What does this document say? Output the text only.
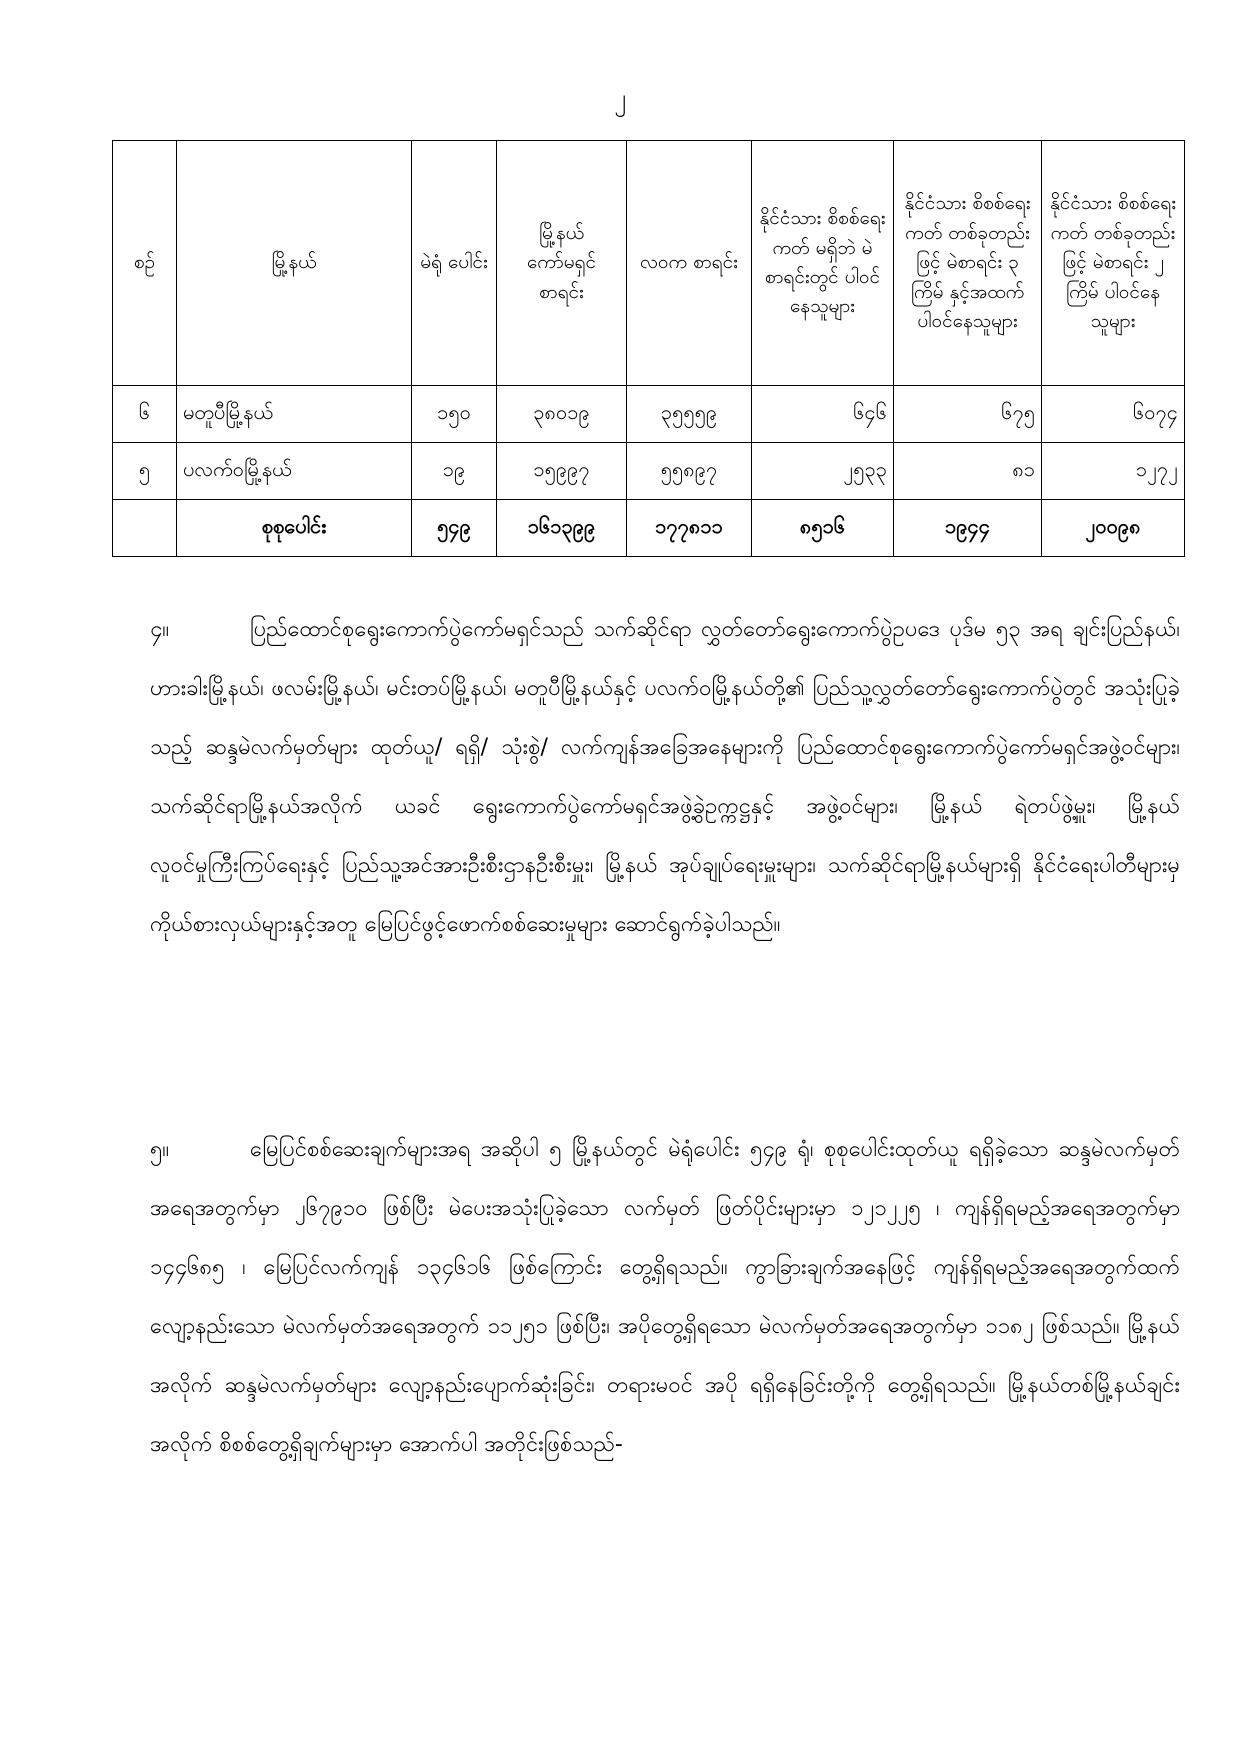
၂
စဉ်	မြို့နယ်	မဲရုံ ပေါင်း	မြို့နယ် ကော်မရှင် စာရင်း	လဝက စာရင်း	နိုင်ငံသား စိစစ်ရေးကတ် မရှိဘဲ မဲစာရင်းတွင် ပါဝင်နေသူများ	နိုင်ငံသား စိစစ်ရေးကတ် တစ်ခုတည်းဖြင့် မဲစာရင်း ၃ ကြိမ် နှင့်အထက် ပါဝင်နေသူများ	နိုင်ငံသား စိစစ်ရေးကတ် တစ်ခုတည်းဖြင့် မဲစာရင်း ၂ ကြိမ် ပါဝင်နေသူများ
၆	မတူပီမြို့နယ်	၁၅၀	၃၈၀၁၉	၃၅၅၅၉	၆၄၆	၆၇၅	၆၀၇၄
၅	ပလက်ဝမြို့နယ်	၁၉	၁၅၉၉၇	၅၅၈၉၇	၂၅၃၃	၈၁	၁၂၇၂
	စုစုပေါင်း	၅၄၉	၁၆၁၃၉၉	၁၇၇၈၁၁	၈၅၁၆	၁၉၄၄	၂၀၀၉၈

၄။	ပြည်ထောင်စုရွေးကောက်ပွဲကော်မရှင်သည် သက်ဆိုင်ရာ လွှတ်တော်ရွေးကောက်ပွဲဥပဒေ ပုဒ်မ ၅၃ အရ ချင်းပြည်နယ်၊ ဟားခါးမြို့နယ်၊ ဖလမ်းမြို့နယ်၊ မင်းတပ်မြို့နယ်၊ မတူပီမြို့နယ်နှင့် ပလက်ဝမြို့နယ်တို့၏ ပြည်သူ့လွှတ်တော်ရွေးကောက်ပွဲတွင် အသုံးပြုခဲ့သည့် ဆန္ဒမဲလက်မှတ်များ ထုတ်ယူ/ ရရှိ/ သုံးစွဲ/ လက်ကျန်အခြေအနေများကို ပြည်ထောင်စုရွေးကောက်ပွဲကော်မရှင်အဖွဲ့ဝင်များ၊ သက်ဆိုင်ရာမြို့နယ်အလိုက် ယခင် ရွေးကောက်ပွဲကော်မရှင်အဖွဲ့ခွဲဥက္ကဋ္ဌနှင့် အဖွဲ့ဝင်များ၊ မြို့နယ် ရဲတပ်ဖွဲ့မှူး၊ မြို့နယ်လူဝင်မှုကြီးကြပ်ရေးနှင့် ပြည်သူ့အင်အားဦးစီးဌာနဦးစီးမှူး၊ မြို့နယ် အုပ်ချုပ်ရေးမှူးများ၊ သက်ဆိုင်ရာမြို့နယ်များရှိ နိုင်ငံရေးပါတီများမှ ကိုယ်စားလှယ်များနှင့်အတူ မြေပြင်ဖွင့်ဖောက်စစ်ဆေးမှုများ ဆောင်ရွက်ခဲ့ပါသည်။

၅။	မြေပြင်စစ်ဆေးချက်များအရ အဆိုပါ ၅ မြို့နယ်တွင် မဲရုံပေါင်း ၅၄၉ ရုံ၊ စုစုပေါင်းထုတ်ယူ ရရှိခဲ့သော ဆန္ဒမဲလက်မှတ်အရေအတွက်မှာ ၂၆၇၉၁၀ ဖြစ်ပြီး မဲပေးအသုံးပြုခဲ့သော လက်မှတ် ဖြတ်ပိုင်းများမှာ ၁၂၁၂၂၅ ၊ ကျန်ရှိရမည့်အရေအတွက်မှာ ၁၄၄၆၈၅ ၊ မြေပြင်လက်ကျန် ၁၃၄၆၁၆ ဖြစ်ကြောင်း တွေ့ရှိရသည်။ ကွာခြားချက်အနေဖြင့် ကျန်ရှိရမည့်အရေအတွက်ထက် လျော့နည်းသော မဲလက်မှတ်အရေအတွက် ၁၁၂၅၁ ဖြစ်ပြီး၊ အပိုတွေ့ရှိရသော မဲလက်မှတ်အရေအတွက်မှာ ၁၁၈၂ ဖြစ်သည်။ မြို့နယ်အလိုက် ဆန္ဒမဲလက်မှတ်များ လျော့နည်းပျောက်ဆုံးခြင်း၊ တရားမဝင် အပို ရရှိနေခြင်းတို့ကို တွေ့ရှိရသည်။ မြို့နယ်တစ်မြို့နယ်ချင်းအလိုက် စိစစ်တွေ့ရှိချက်များမှာ အောက်ပါ အတိုင်းဖြစ်သည်-
